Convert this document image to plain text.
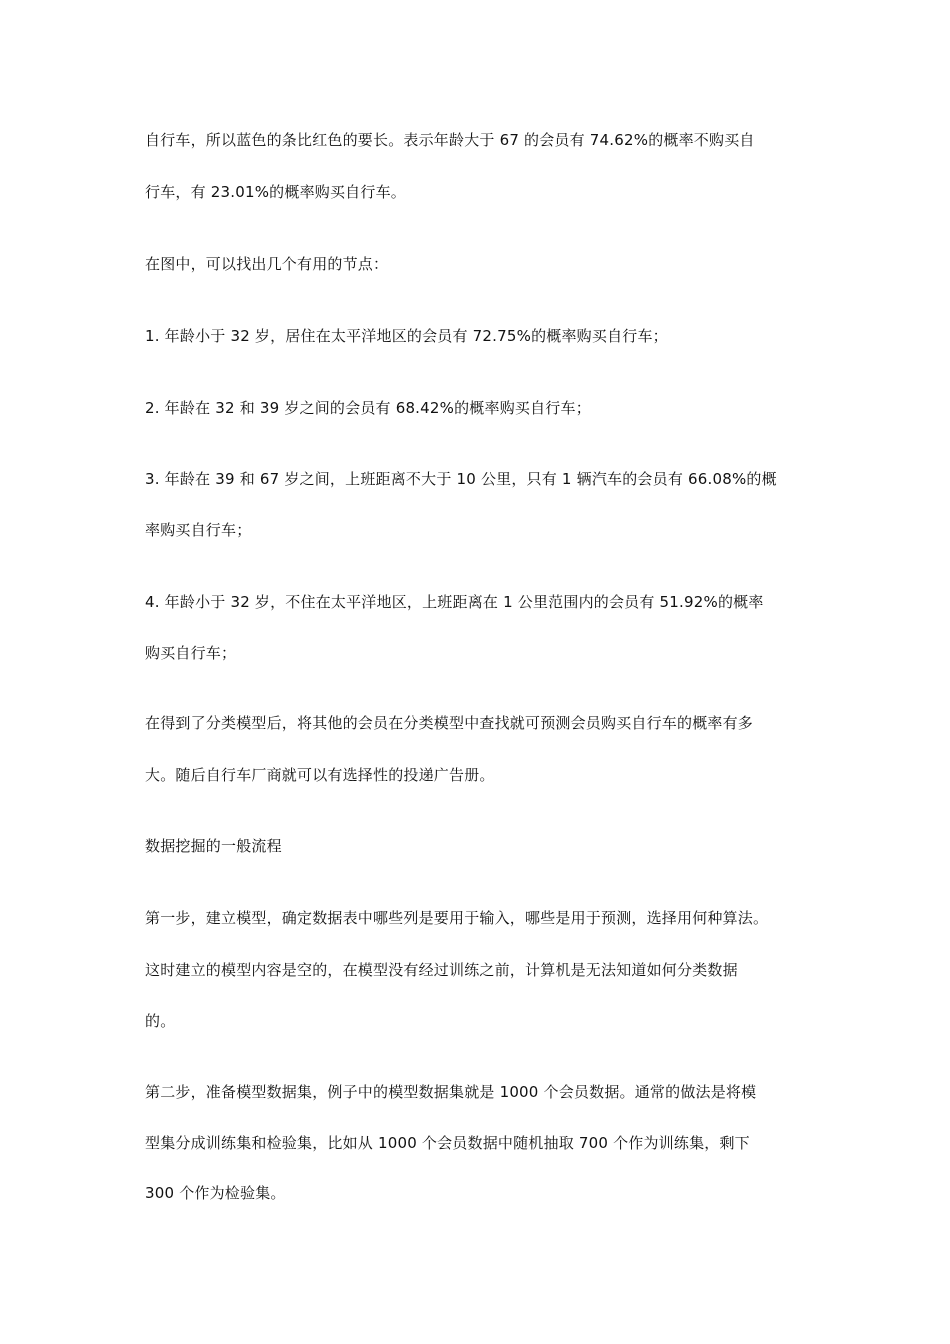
自行车，所以蓝色的条比红色的要长。表示年龄大于 67 的会员有 74.62%的概率不购买自
行车，有 23.01%的概率购买自行车。
在图中，可以找出几个有用的节点：
1. 年龄小于 32 岁，居住在太平洋地区的会员有 72.75%的概率购买自行车；
2. 年龄在 32 和 39 岁之间的会员有 68.42%的概率购买自行车；
3. 年龄在 39 和 67 岁之间，上班距离不大于 10 公里，只有 1 辆汽车的会员有 66.08%的概
率购买自行车；
4. 年龄小于 32 岁，不住在太平洋地区，上班距离在 1 公里范围内的会员有 51.92%的概率
购买自行车；
在得到了分类模型后，将其他的会员在分类模型中查找就可预测会员购买自行车的概率有多
大。随后自行车厂商就可以有选择性的投递广告册。
数据挖掘的一般流程
第一步，建立模型，确定数据表中哪些列是要用于输入，哪些是用于预测，选择用何种算法。
这时建立的模型内容是空的，在模型没有经过训练之前，计算机是无法知道如何分类数据
的。
第二步，准备模型数据集，例子中的模型数据集就是 1000 个会员数据。通常的做法是将模
型集分成训练集和检验集，比如从 1000 个会员数据中随机抽取 700 个作为训练集，剩下
300 个作为检验集。
